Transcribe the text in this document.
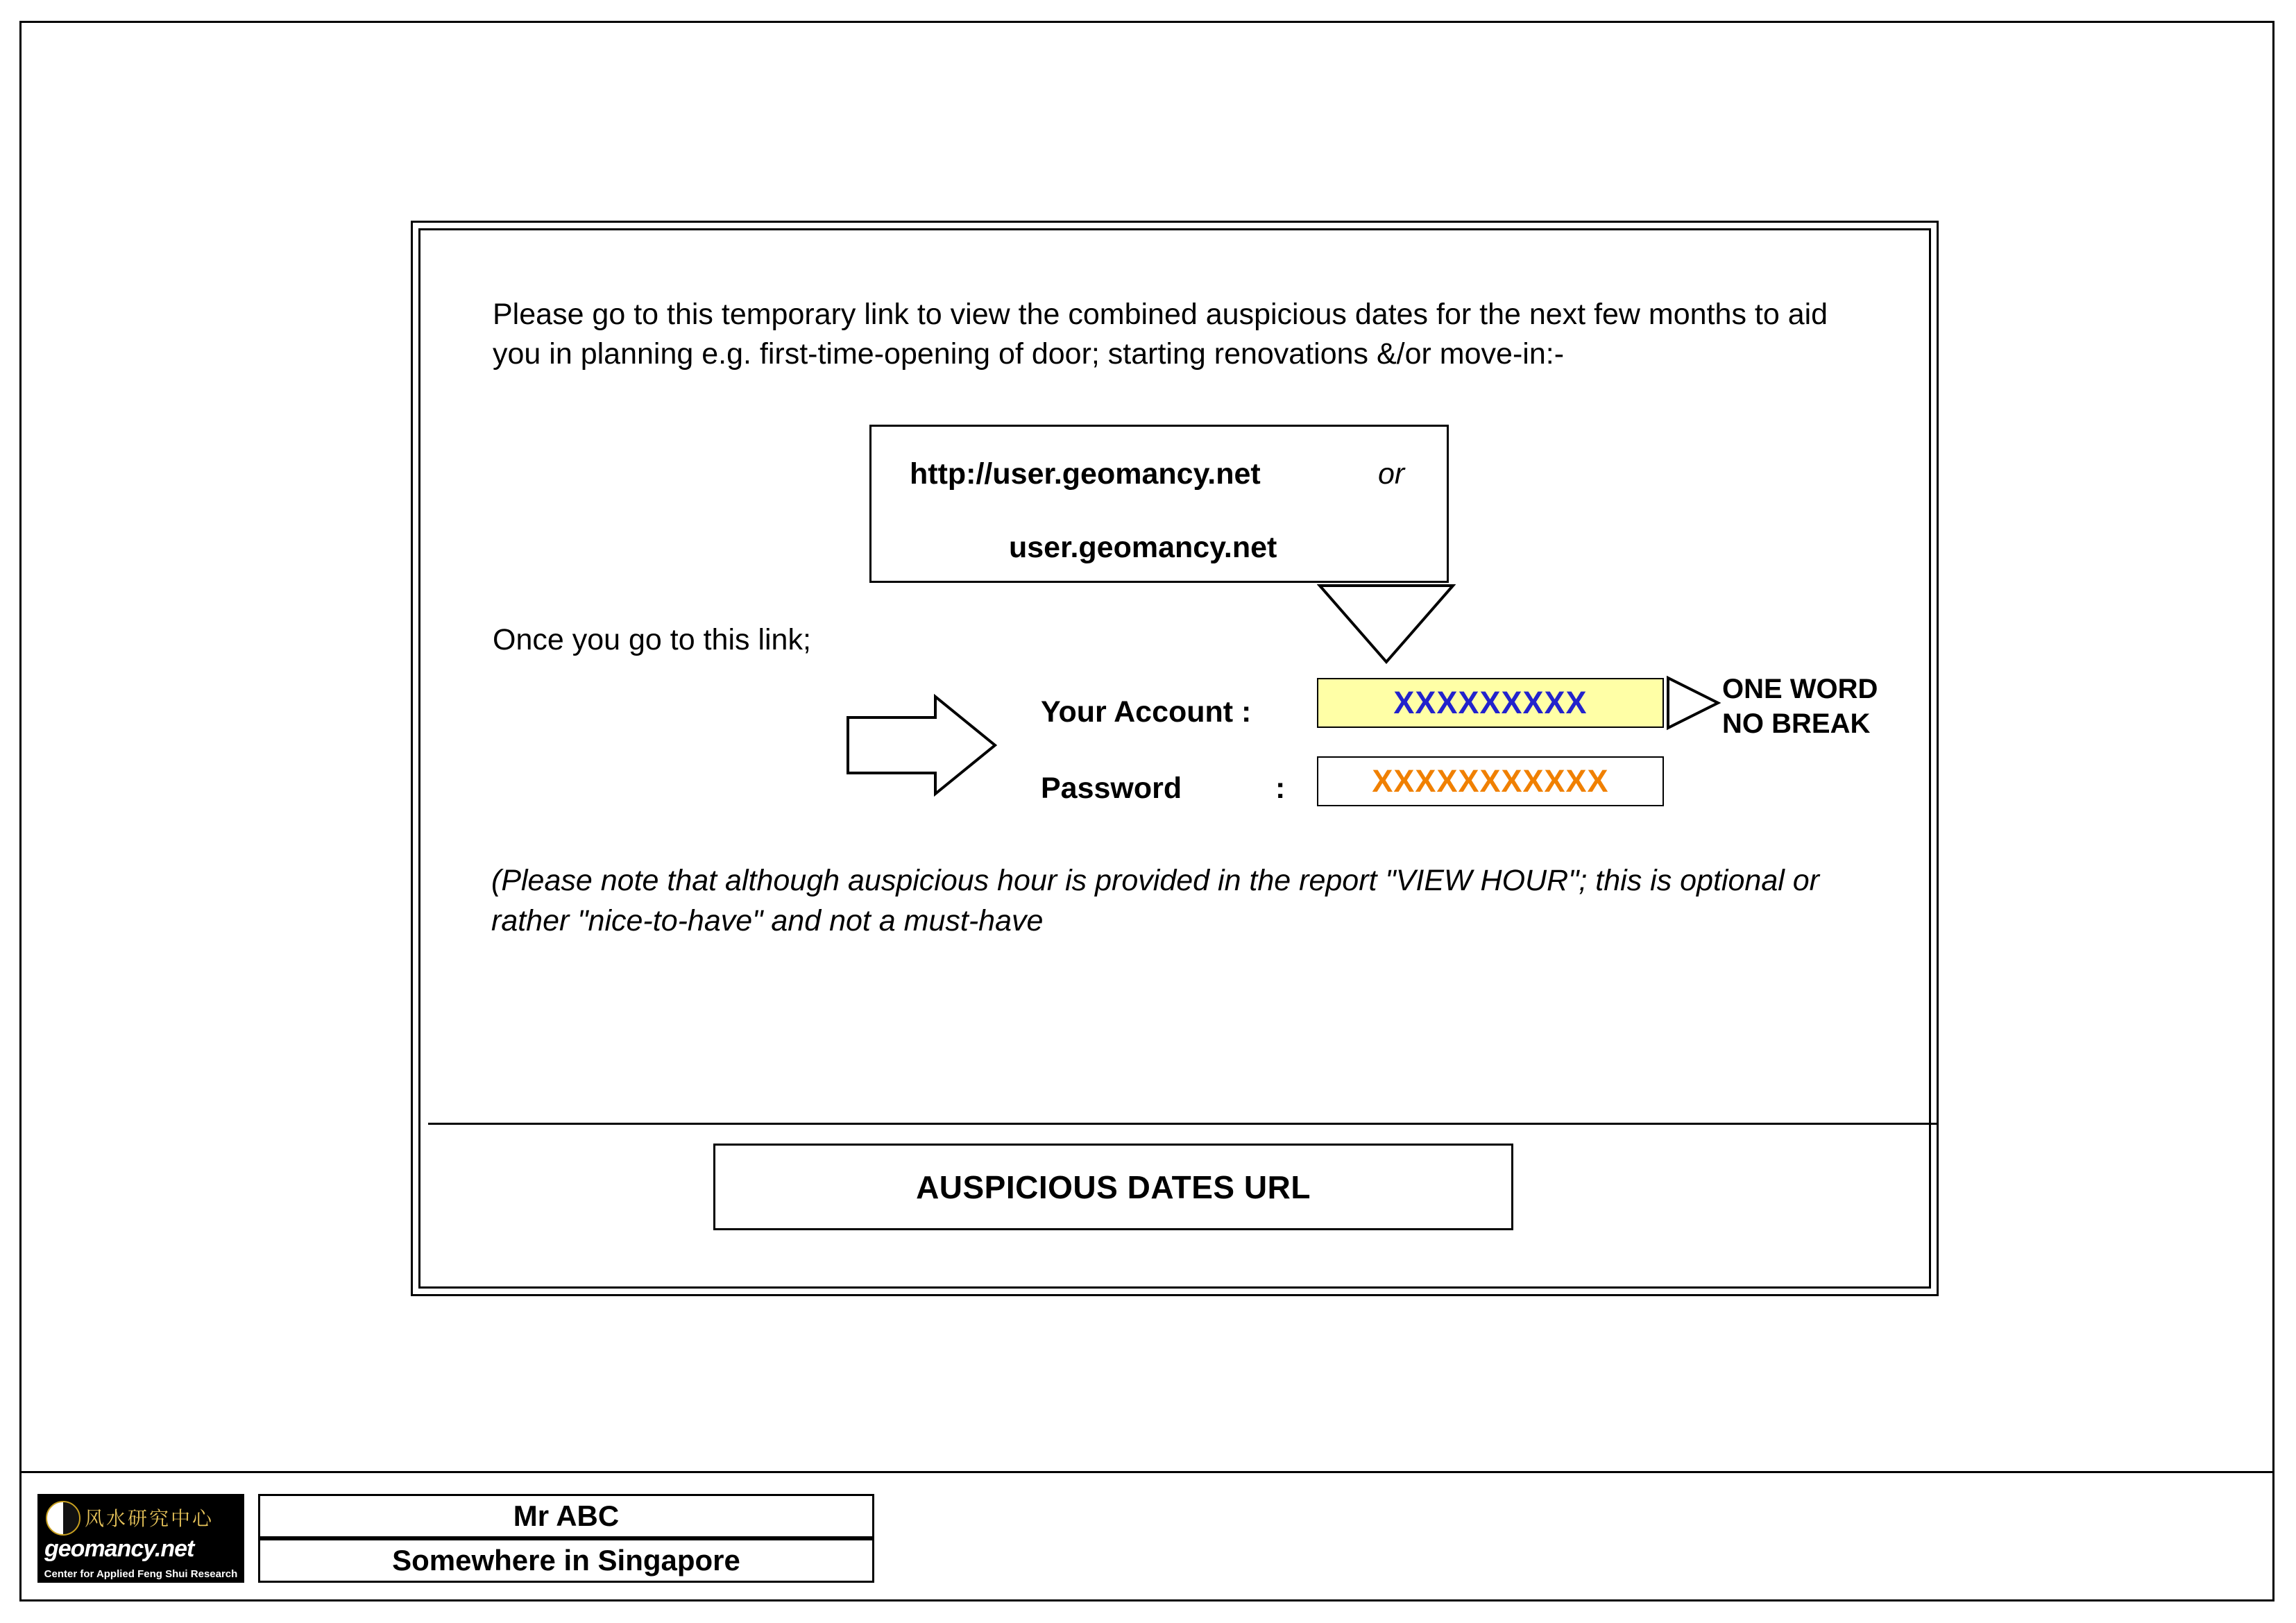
Please go to this temporary link to view the combined auspicious dates for the next few months to aid you in planning e.g. first-time-opening of door; starting renovations &/or move-in:-
http://user.geomancy.net	or
user.geomancy.net
Once you go to this link;
Your Account :	XXXXXXXXX
Password	:	XXXXXXXXXXX
ONE WORD
NO BREAK
(Please note that although auspicious hour is provided in the report "VIEW HOUR"; this is optional or rather "nice-to-have" and not a must-have
AUSPICIOUS DATES URL
风水研究中心
geomancy.net
Center for Applied Feng Shui Research
Mr ABC
Somewhere in Singapore
